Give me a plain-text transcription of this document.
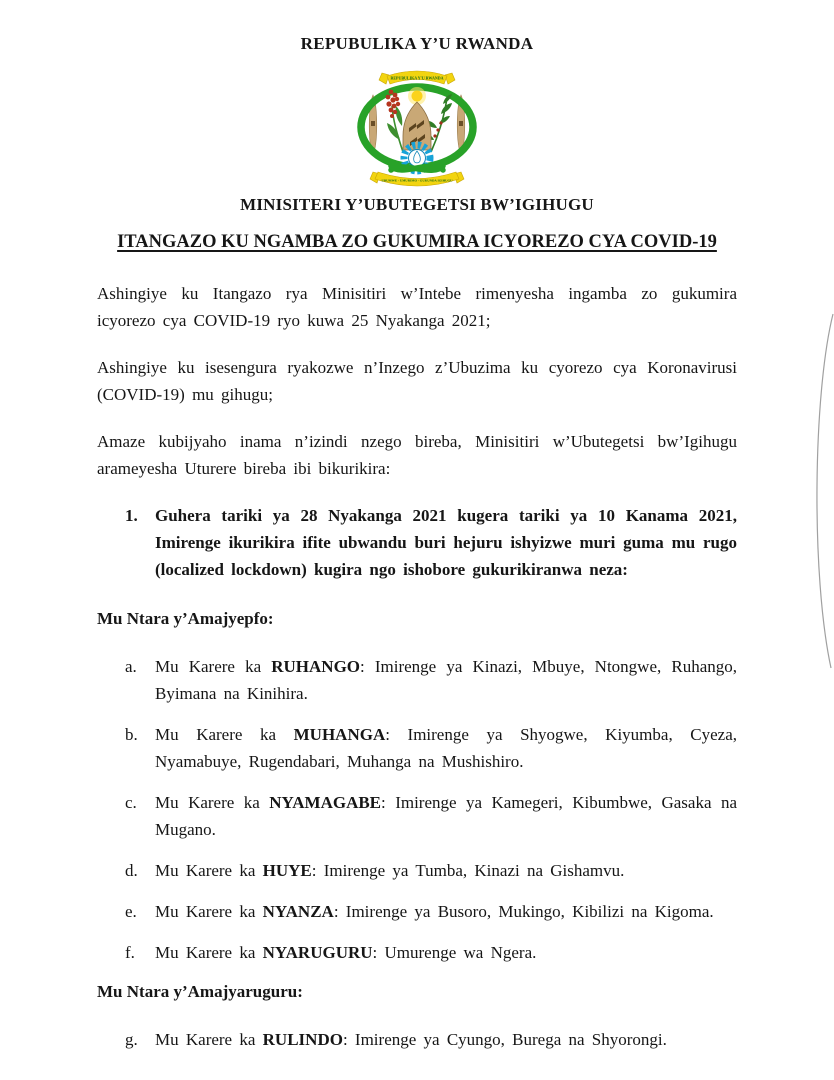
REPUBULIKA Y’U RWANDA
REPUBULIKA Y'U RWANDA
UBUMWE - UMURIMO - GUKUNDA IGIHUGU
MINISITERI Y’UBUTEGETSI BW’IGIHUGU
ITANGAZO KU NGAMBA ZO GUKUMIRA ICYOREZO CYA COVID-19

Ashingiye ku Itangazo rya Minisitiri w’Intebe rimenyesha ingamba zo gukumira icyorezo cya COVID-19 ryo kuwa 25 Nyakanga 2021;

Ashingiye ku isesengura ryakozwe n’Inzego z’Ubuzima ku cyorezo cya Koronavirusi (COVID-19) mu gihugu;

Amaze kubijyaho inama n’izindi nzego bireba, Minisitiri w’Ubutegetsi bw’Igihugu arameyesha Uturere bireba ibi bikurikira:

1.	Guhera tariki ya 28 Nyakanga 2021 kugera tariki ya 10 Kanama 2021, Imirenge ikurikira ifite ubwandu buri hejuru ishyizwe muri guma mu rugo (localized lockdown) kugira ngo ishobore gukurikiranwa neza:
Mu Ntara y’Amajyepfo:
a.	Mu Karere ka RUHANGO: Imirenge ya Kinazi, Mbuye, Ntongwe, Ruhango, Byimana na Kinihira.
b.	Mu Karere ka MUHANGA: Imirenge ya Shyogwe, Kiyumba, Cyeza, Nyamabuye, Rugendabari, Muhanga na Mushishiro.
c.	Mu Karere ka NYAMAGABE: Imirenge ya Kamegeri, Kibumbwe, Gasaka na Mugano.
d.	Mu Karere ka HUYE: Imirenge ya Tumba, Kinazi na Gishamvu.
e.	Mu Karere ka NYANZA: Imirenge ya Busoro, Mukingo, Kibilizi na Kigoma.
f.	Mu Karere ka NYARUGURU: Umurenge wa Ngera.
Mu Ntara y’Amajyaruguru:
g.	Mu Karere ka RULINDO: Imirenge ya Cyungo, Burega na Shyorongi.
